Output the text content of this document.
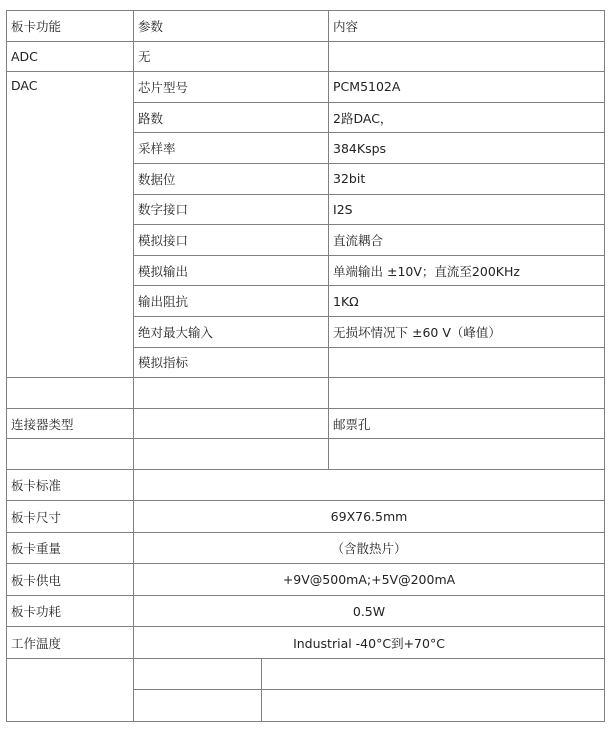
板卡功能	参数		内容
ADC	无		
DAC	芯片型号		PCM5102A
	路数		2路DAC，
	采样率		384Ksps
	数据位		32bit
	数字接口		I2S
	模拟接口		直流耦合
	模拟输出		单端输出 ±10V；直流至200KHz
	输出阻抗		1KΩ
	绝对最大输入		无损坏情况下 ±60 V（峰值）
	模拟指标		

连接器类型			邮票孔

板卡标准			
板卡尺寸	69X76.5mm		
板卡重量	（含散热片）		
板卡供电	+9V@500mA;+5V@200mA		
板卡功耗	0.5W		
工作温度	Industrial -40°C到+70°C		
